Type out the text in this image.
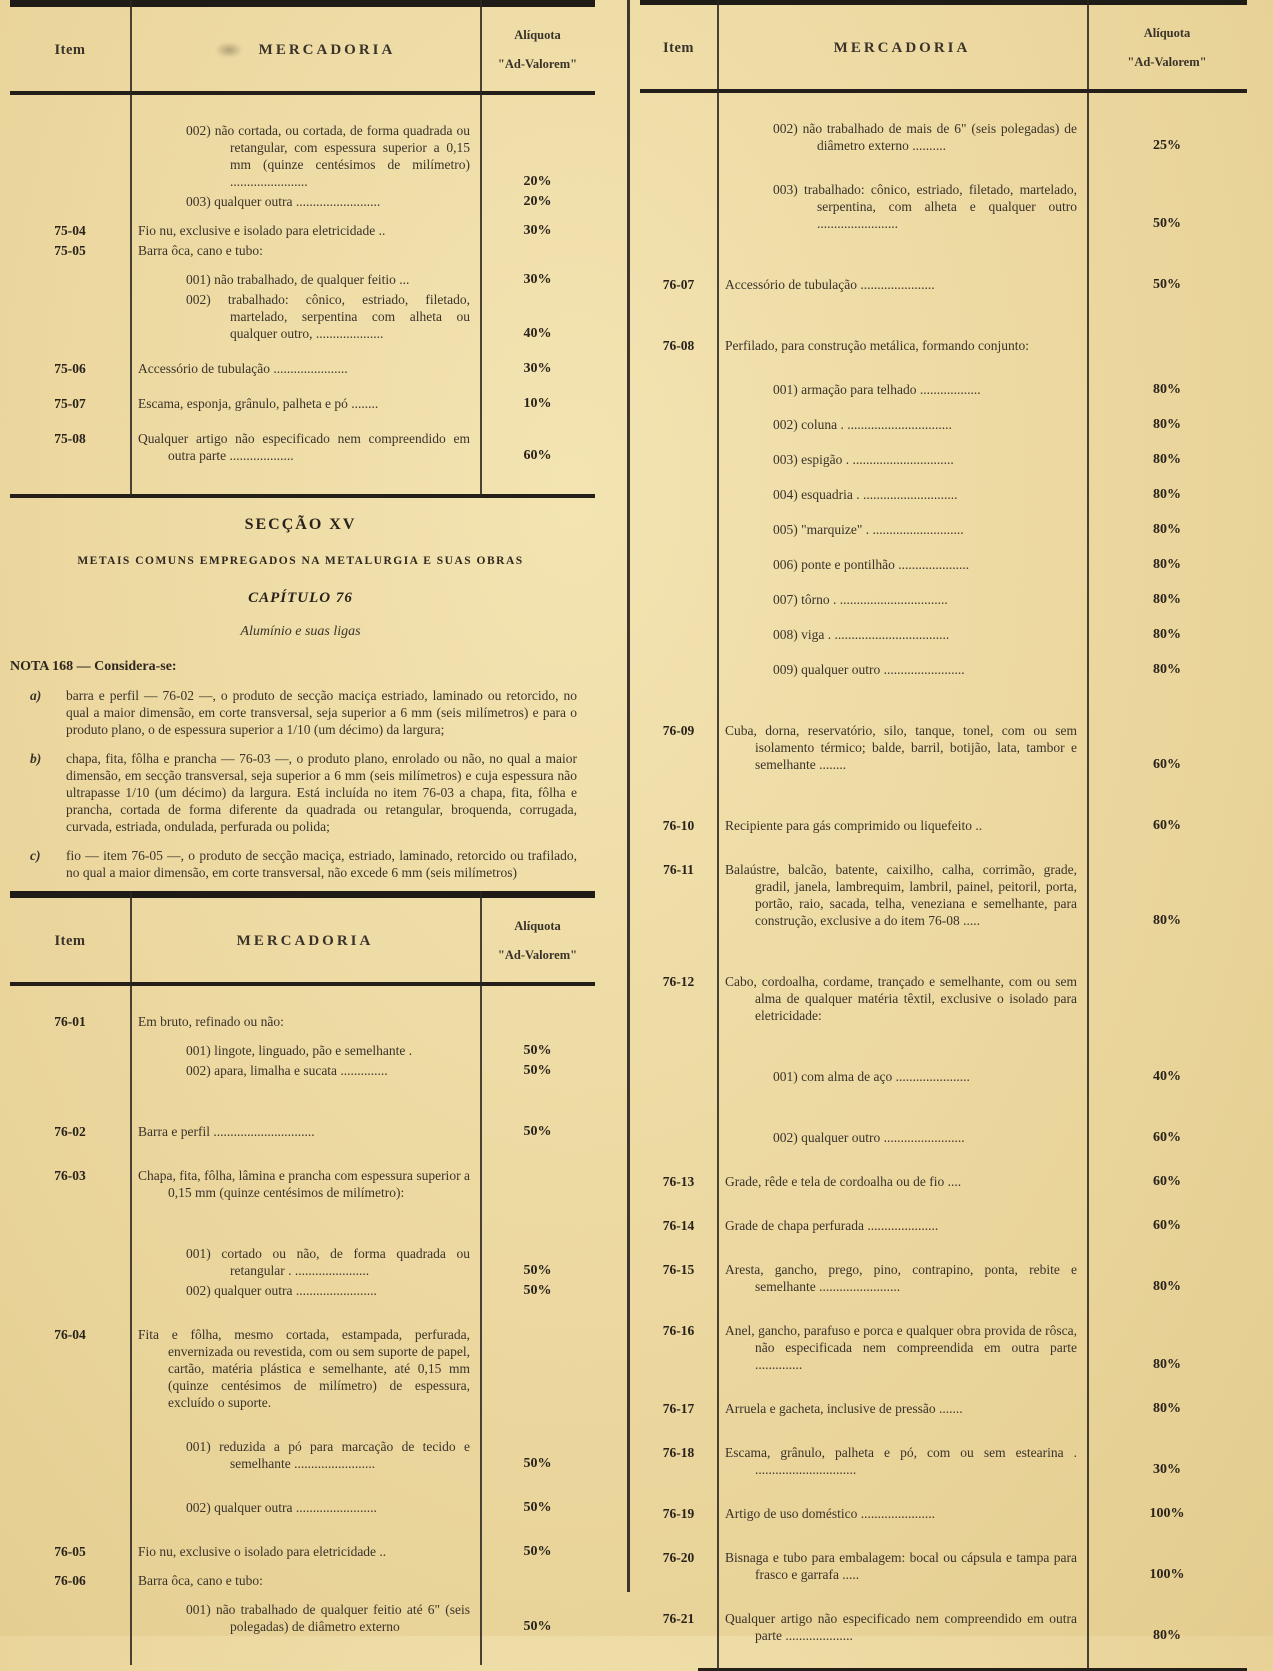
Item	MERCADORIA
Alíquota
"Ad-Valorem"
002) não cortada, ou cortada, de forma quadrada ou retangular, com espessura superior a 0,15 mm (quinze centésimos de milímetro) .......................	20%
003) qualquer outra .........................	20%
75-04	Fio nu, exclusive e isolado para eletricidade ..	30%
75-05	Barra ôca, cano e tubo:
001) não trabalhado, de qualquer feitio ...	30%
002) trabalhado: cônico, estriado, filetado, martelado, serpentina com alheta ou qualquer outro, ....................	40%
75-06	Accessório de tubulação ......................	30%
75-07	Escama, esponja, grânulo, palheta e pó ........	10%
75-08	Qualquer artigo não especificado nem compreendido em outra parte ...................	60%
SECÇÃO XV
METAIS COMUNS EMPREGADOS NA METALURGIA E SUAS OBRAS
CAPÍTULO 76
Alumínio e suas ligas
NOTA 168 — Considera-se:
a) barra e perfil — 76-02 —, o produto de secção maciça estriado, laminado ou retorcido, no qual a maior dimensão, em corte transversal, seja superior a 6 mm (seis milímetros) e para o produto plano, o de espessura superior a 1/10 (um décimo) da largura;
b) chapa, fita, fôlha e prancha — 76-03 —, o produto plano, enrolado ou não, no qual a maior dimensão, em secção transversal, seja superior a 6 mm (seis milímetros) e cuja espessura não ultrapasse 1/10 (um décimo) da largura. Está incluída no item 76-03 a chapa, fita, fôlha e prancha, cortada de forma diferente da quadrada ou retangular, broquenda, corrugada, curvada, estriada, ondulada, perfurada ou polida;
c) fio — item 76-05 —, o produto de secção maciça, estriado, laminado, retorcido ou trafilado, no qual a maior dimensão, em corte transversal, não excede 6 mm (seis milímetros)
Item	MERCADORIA
Alíquota
"Ad-Valorem"
76-01	Em bruto, refinado ou não:
001) lingote, linguado, pão e semelhante .	50%
002) apara, limalha e sucata ..............	50%
76-02	Barra e perfil ..............................	50%
76-03	Chapa, fita, fôlha, lâmina e prancha com espessura superior a 0,15 mm (quinze centésimos de milímetro):
001) cortado ou não, de forma quadrada ou retangular . ......................	50%
002) qualquer outra ........................	50%
76-04	Fita e fôlha, mesmo cortada, estampada, perfurada, envernizada ou revestida, com ou sem suporte de papel, cartão, matéria plástica e semelhante, até 0,15 mm (quinze centésimos de milímetro) de espessura, excluído o suporte.
001) reduzida a pó para marcação de tecido e semelhante ........................	50%
002) qualquer outra ........................	50%
76-05	Fio nu, exclusive o isolado para eletricidade ..	50%
76-06	Barra ôca, cano e tubo:
001) não trabalhado de qualquer feitio até 6" (seis polegadas) de diâmetro externo	50%
Item	MERCADORIA
Alíquota
"Ad-Valorem"
002) não trabalhado de mais de 6" (seis polegadas) de diâmetro externo ..........	25%
003) trabalhado: cônico, estriado, filetado, martelado, serpentina, com alheta e qualquer outro ........................	50%
76-07	Accessório de tubulação ......................	50%
76-08	Perfilado, para construção metálica, formando conjunto:
001) armação para telhado ..................	80%
002) coluna . ...............................	80%
003) espigão . ..............................	80%
004) esquadria . ............................	80%
005) "marquize" . ...........................	80%
006) ponte e pontilhão .....................	80%
007) tôrno . ................................	80%
008) viga . ..................................	80%
009) qualquer outro ........................	80%
76-09	Cuba, dorna, reservatório, silo, tanque, tonel, com ou sem isolamento térmico; balde, barril, botijão, lata, tambor e semelhante ........	60%
76-10	Recipiente para gás comprimido ou liquefeito ..	60%
76-11	Balaústre, balcão, batente, caixilho, calha, corrimão, grade, gradil, janela, lambrequim, lambril, painel, peitoril, porta, portão, raio, sacada, telha, veneziana e semelhante, para construção, exclusive a do item 76-08 .....	80%
76-12	Cabo, cordoalha, cordame, trançado e semelhante, com ou sem alma de qualquer matéria têxtil, exclusive o isolado para eletricidade:
001) com alma de aço ......................	40%
002) qualquer outro ........................	60%
76-13	Grade, rêde e tela de cordoalha ou de fio ....	60%
76-14	Grade de chapa perfurada .....................	60%
76-15	Aresta, gancho, prego, pino, contrapino, ponta, rebite e semelhante ........................	80%
76-16	Anel, gancho, parafuso e porca e qualquer obra provida de rôsca, não especificada nem compreendida em outra parte ..............	80%
76-17	Arruela e gacheta, inclusive de pressão .......	80%
76-18	Escama, grânulo, palheta e pó, com ou sem estearina . ..............................	30%
76-19	Artigo de uso doméstico ......................	100%
76-20	Bisnaga e tubo para embalagem: bocal ou cápsula e tampa para frasco e garrafa .....	100%
76-21	Qualquer artigo não especificado nem compreendido em outra parte ....................	80%
